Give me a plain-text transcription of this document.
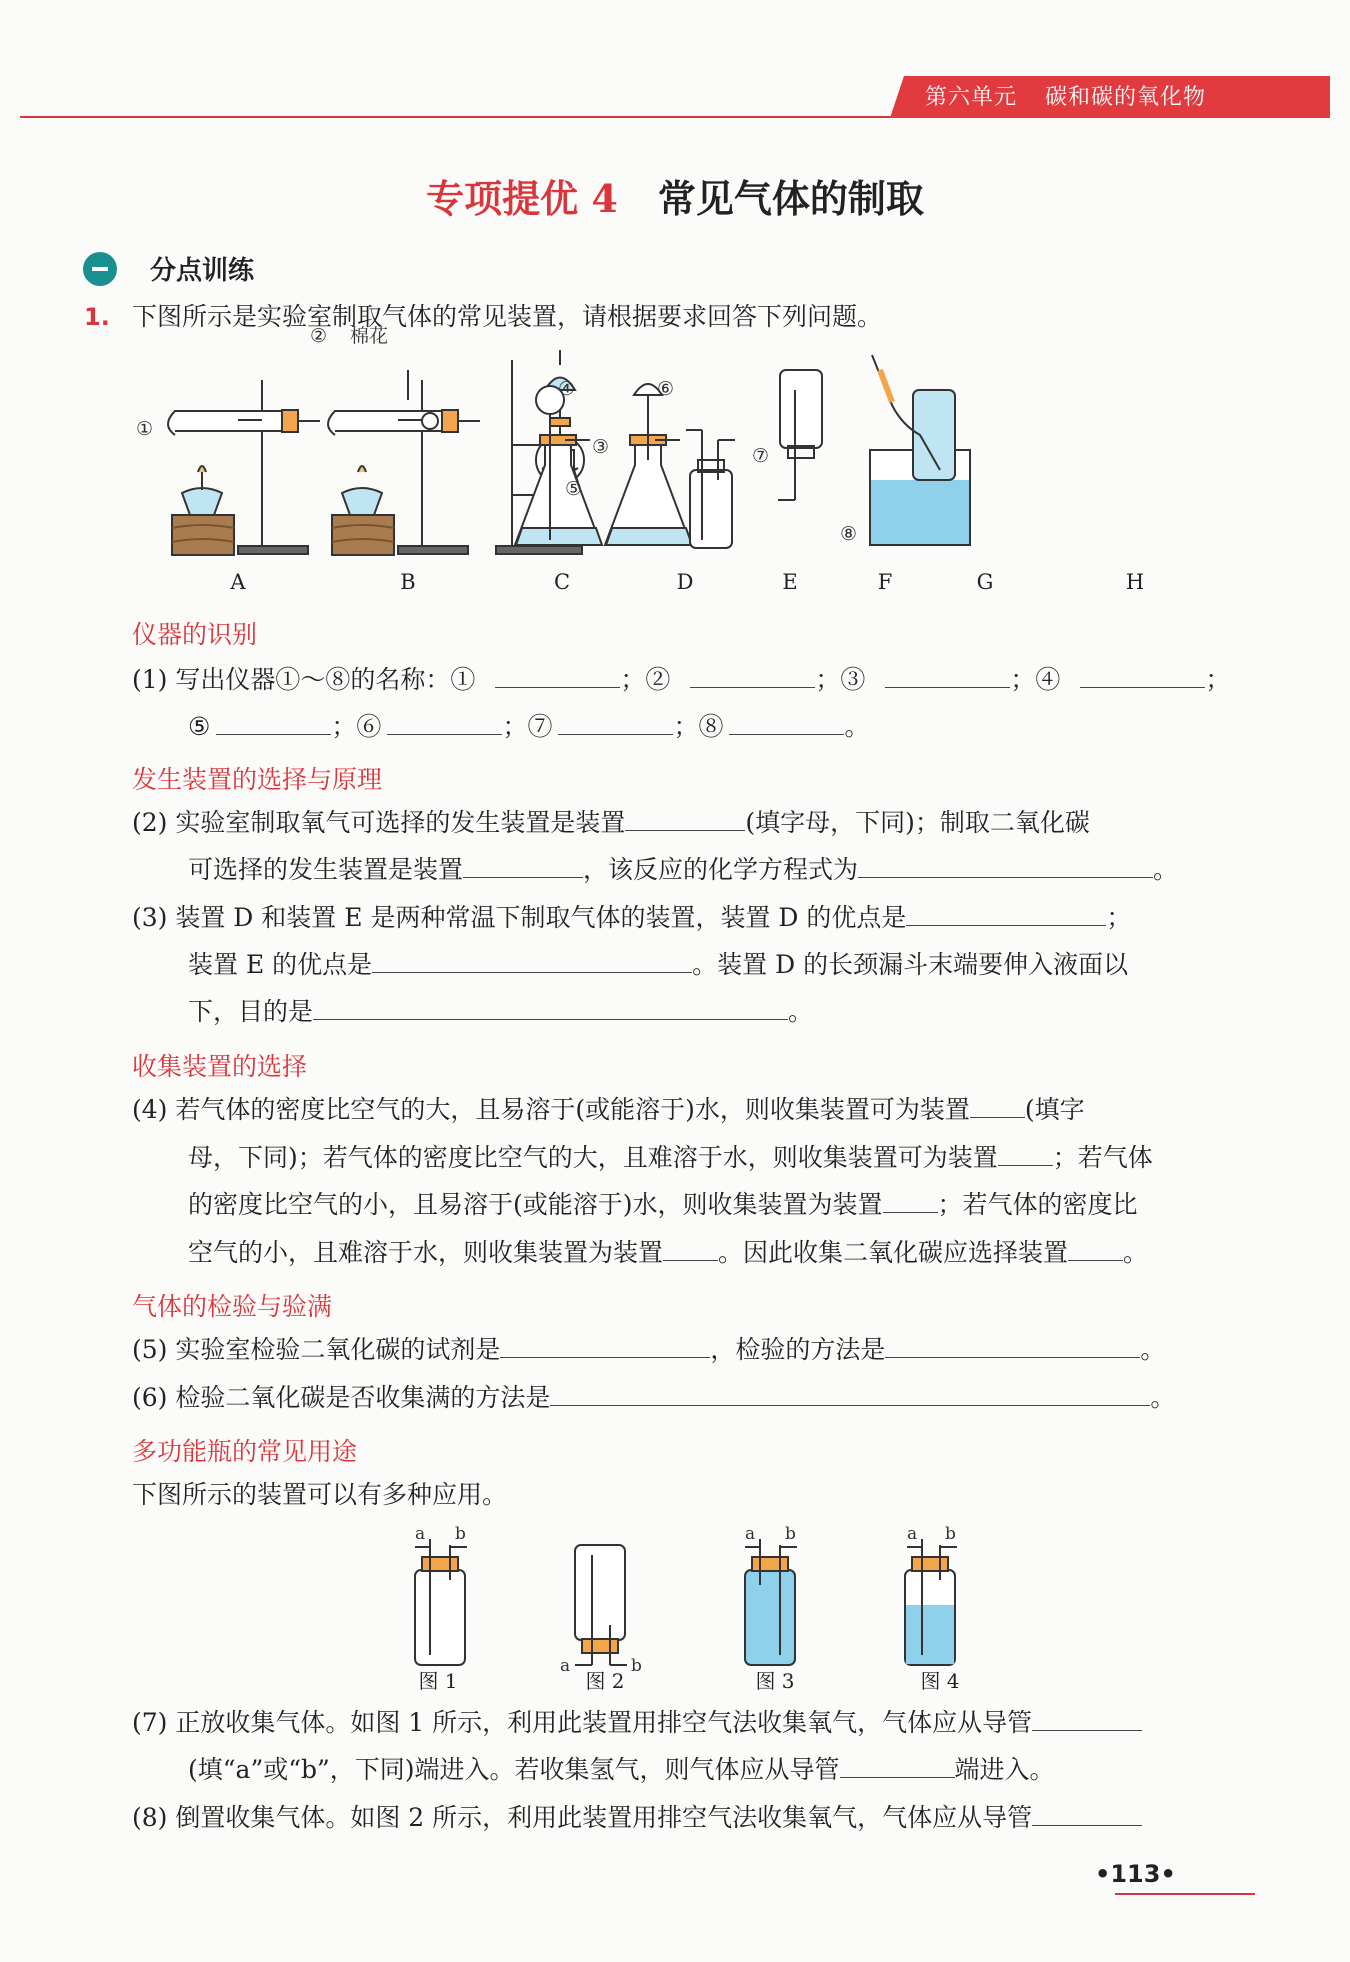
第六单元 碳和碳的氧化物
专项提优 4 常见气体的制取
分点训练
1. 下图所示是实验室制取气体的常见装置，请根据要求回答下列问题。
①
② 棉花
③
④
⑤
⑥
⑦
⑧
A	B	C	D	E	F	G	H
仪器的识别
(1) 写出仪器①～⑧的名称：①	；②	；③	；④	；
⑤	；⑥	；⑦	；⑧	。
发生装置的选择与原理
(2) 实验室制取氧气可选择的发生装置是装置	(填字母，下同)；制取二氧化碳
可选择的发生装置是装置	，该反应的化学方程式为	。
(3) 装置 D 和装置 E 是两种常温下制取气体的装置，装置 D 的优点是	；
装置 E 的优点是	。装置 D 的长颈漏斗末端要伸入液面以
下，目的是	。
收集装置的选择
(4) 若气体的密度比空气的大，且易溶于(或能溶于)水，则收集装置可为装置 (填字
母，下同)；若气体的密度比空气的大，且难溶于水，则收集装置可为装置 ；若气体
的密度比空气的小，且易溶于(或能溶于)水，则收集装置为装置 ；若气体的密度比
空气的小，且难溶于水，则收集装置为装置 。因此收集二氧化碳应选择装置 。
气体的检验与验满
(5) 实验室检验二氧化碳的试剂是	，检验的方法是	。
(6) 检验二氧化碳是否收集满的方法是	。
多功能瓶的常见用途
下图所示的装置可以有多种应用。
a b
a	b
a b	a b
图 1	图 2	图 3	图 4
(7) 正放收集气体。如图 1 所示，利用此装置用排空气法收集氧气，气体应从导管
(填“a”或“b”，下同)端进入。若收集氢气，则气体应从导管	端进入。
(8) 倒置收集气体。如图 2 所示，利用此装置用排空气法收集氧气，气体应从导管
•113•
